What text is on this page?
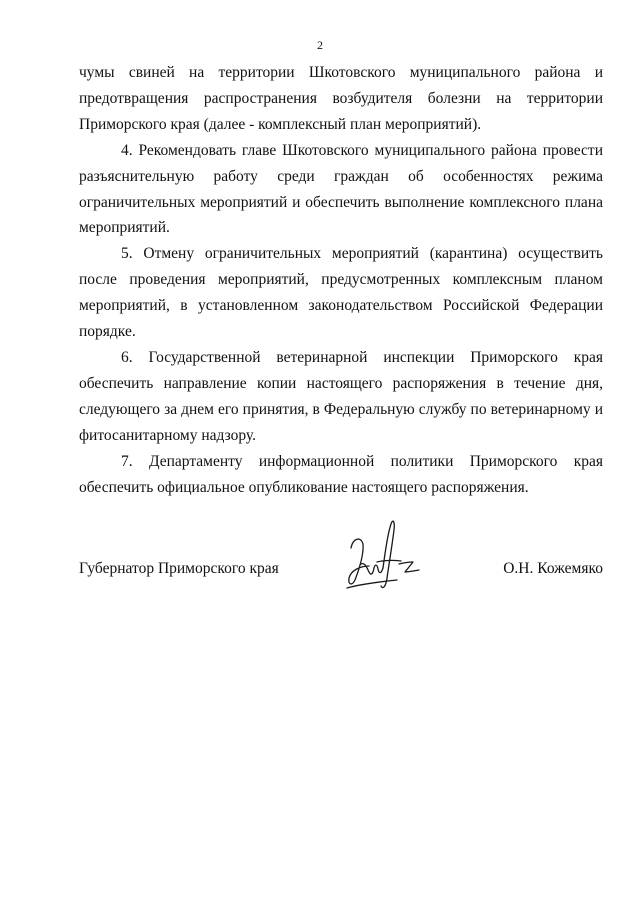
2

чумы свиней на территории Шкотовского муниципального района и предотвращения распространения возбудителя болезни на территории Приморского края (далее - комплексный план мероприятий).

4. Рекомендовать главе Шкотовского муниципального района провести разъяснительную работу среди граждан об особенностях режима ограничительных мероприятий и обеспечить выполнение комплексного плана мероприятий.

5. Отмену ограничительных мероприятий (карантина) осуществить после проведения мероприятий, предусмотренных комплексным планом мероприятий, в установленном законодательством Российской Федерации порядке.

6. Государственной ветеринарной инспекции Приморского края обеспечить направление копии настоящего распоряжения в течение дня, следующего за днем его принятия, в Федеральную службу по ветеринарному и фитосанитарному надзору.

7. Департаменту информационной политики Приморского края обеспечить официальное опубликование настоящего распоряжения.

Губернатор Приморского края	О.Н. Кожемяко
